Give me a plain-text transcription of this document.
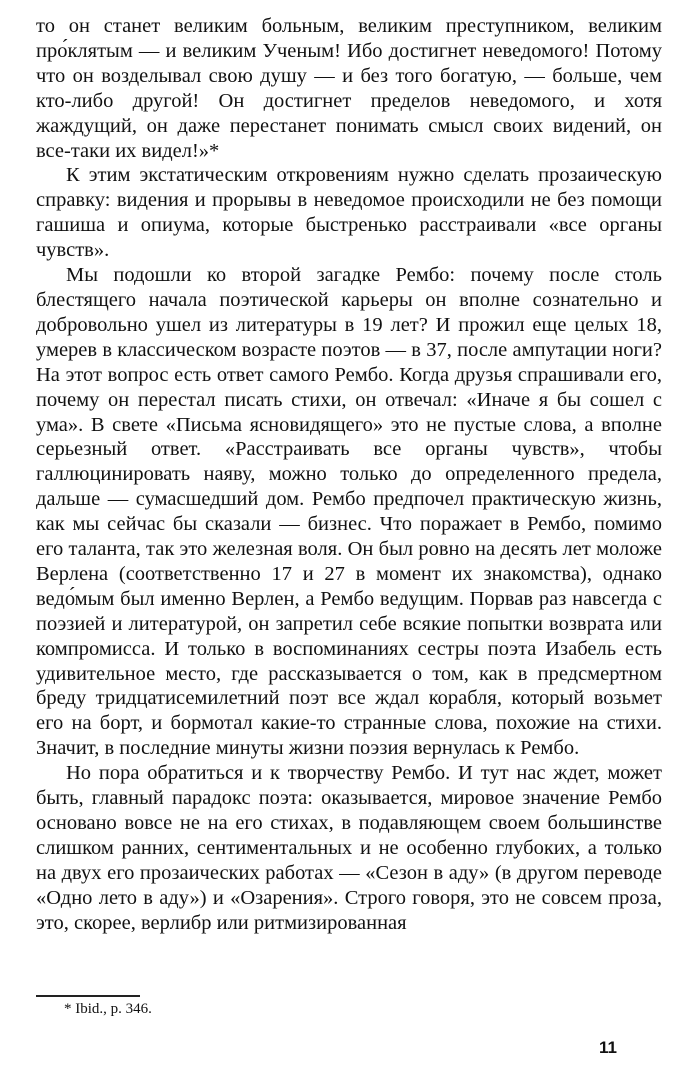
то он станет великим больным, великим преступником, великим про́клятым — и великим Ученым! Ибо достигнет неведомого! Потому что он возделывал свою душу — и без того богатую, — больше, чем кто-либо другой! Он достигнет пределов неведомого, и хотя жаждущий, он даже перестанет понимать смысл своих видений, он все-таки их видел!»*

К этим экстатическим откровениям нужно сделать прозаическую справку: видения и прорывы в неведомое происходили не без помощи гашиша и опиума, которые быстренько расстраивали «все органы чувств».

Мы подошли ко второй загадке Рембо: почему после столь блестящего начала поэтической карьеры он вполне сознательно и добровольно ушел из литературы в 19 лет? И прожил еще целых 18, умерев в классическом возрасте поэтов — в 37, после ампутации ноги? На этот вопрос есть ответ самого Рембо. Когда друзья спрашивали его, почему он перестал писать стихи, он отвечал: «Иначе я бы сошел с ума». В свете «Письма ясновидящего» это не пустые слова, а вполне серьезный ответ. «Расстраивать все органы чувств», чтобы галлюцинировать наяву, можно только до определенного предела, дальше — сумасшедший дом. Рембо предпочел практическую жизнь, как мы сейчас бы сказали — бизнес. Что поражает в Рембо, помимо его таланта, так это железная воля. Он был ровно на десять лет моложе Верлена (соответственно 17 и 27 в момент их знакомства), однако ведо́мым был именно Верлен, а Рембо ведущим. Порвав раз навсегда с поэзией и литературой, он запретил себе всякие попытки возврата или компромисса. И только в воспоминаниях сестры поэта Изабель есть удивительное место, где рассказывается о том, как в предсмертном бреду тридцатисемилетний поэт все ждал корабля, который возьмет его на борт, и бормотал какие-то странные слова, похожие на стихи. Значит, в последние минуты жизни поэзия вернулась к Рембо.

Но пора обратиться и к творчеству Рембо. И тут нас ждет, может быть, главный парадокс поэта: оказывается, мировое значение Рембо основано вовсе не на его стихах, в подавляющем своем большинстве слишком ранних, сентиментальных и не особенно глубоких, а только на двух его прозаических работах — «Сезон в аду» (в другом переводе «Одно лето в аду») и «Озарения». Строго говоря, это не совсем проза, это, скорее, верлибр или ритмизированная

* Ibid., p. 346.
11
